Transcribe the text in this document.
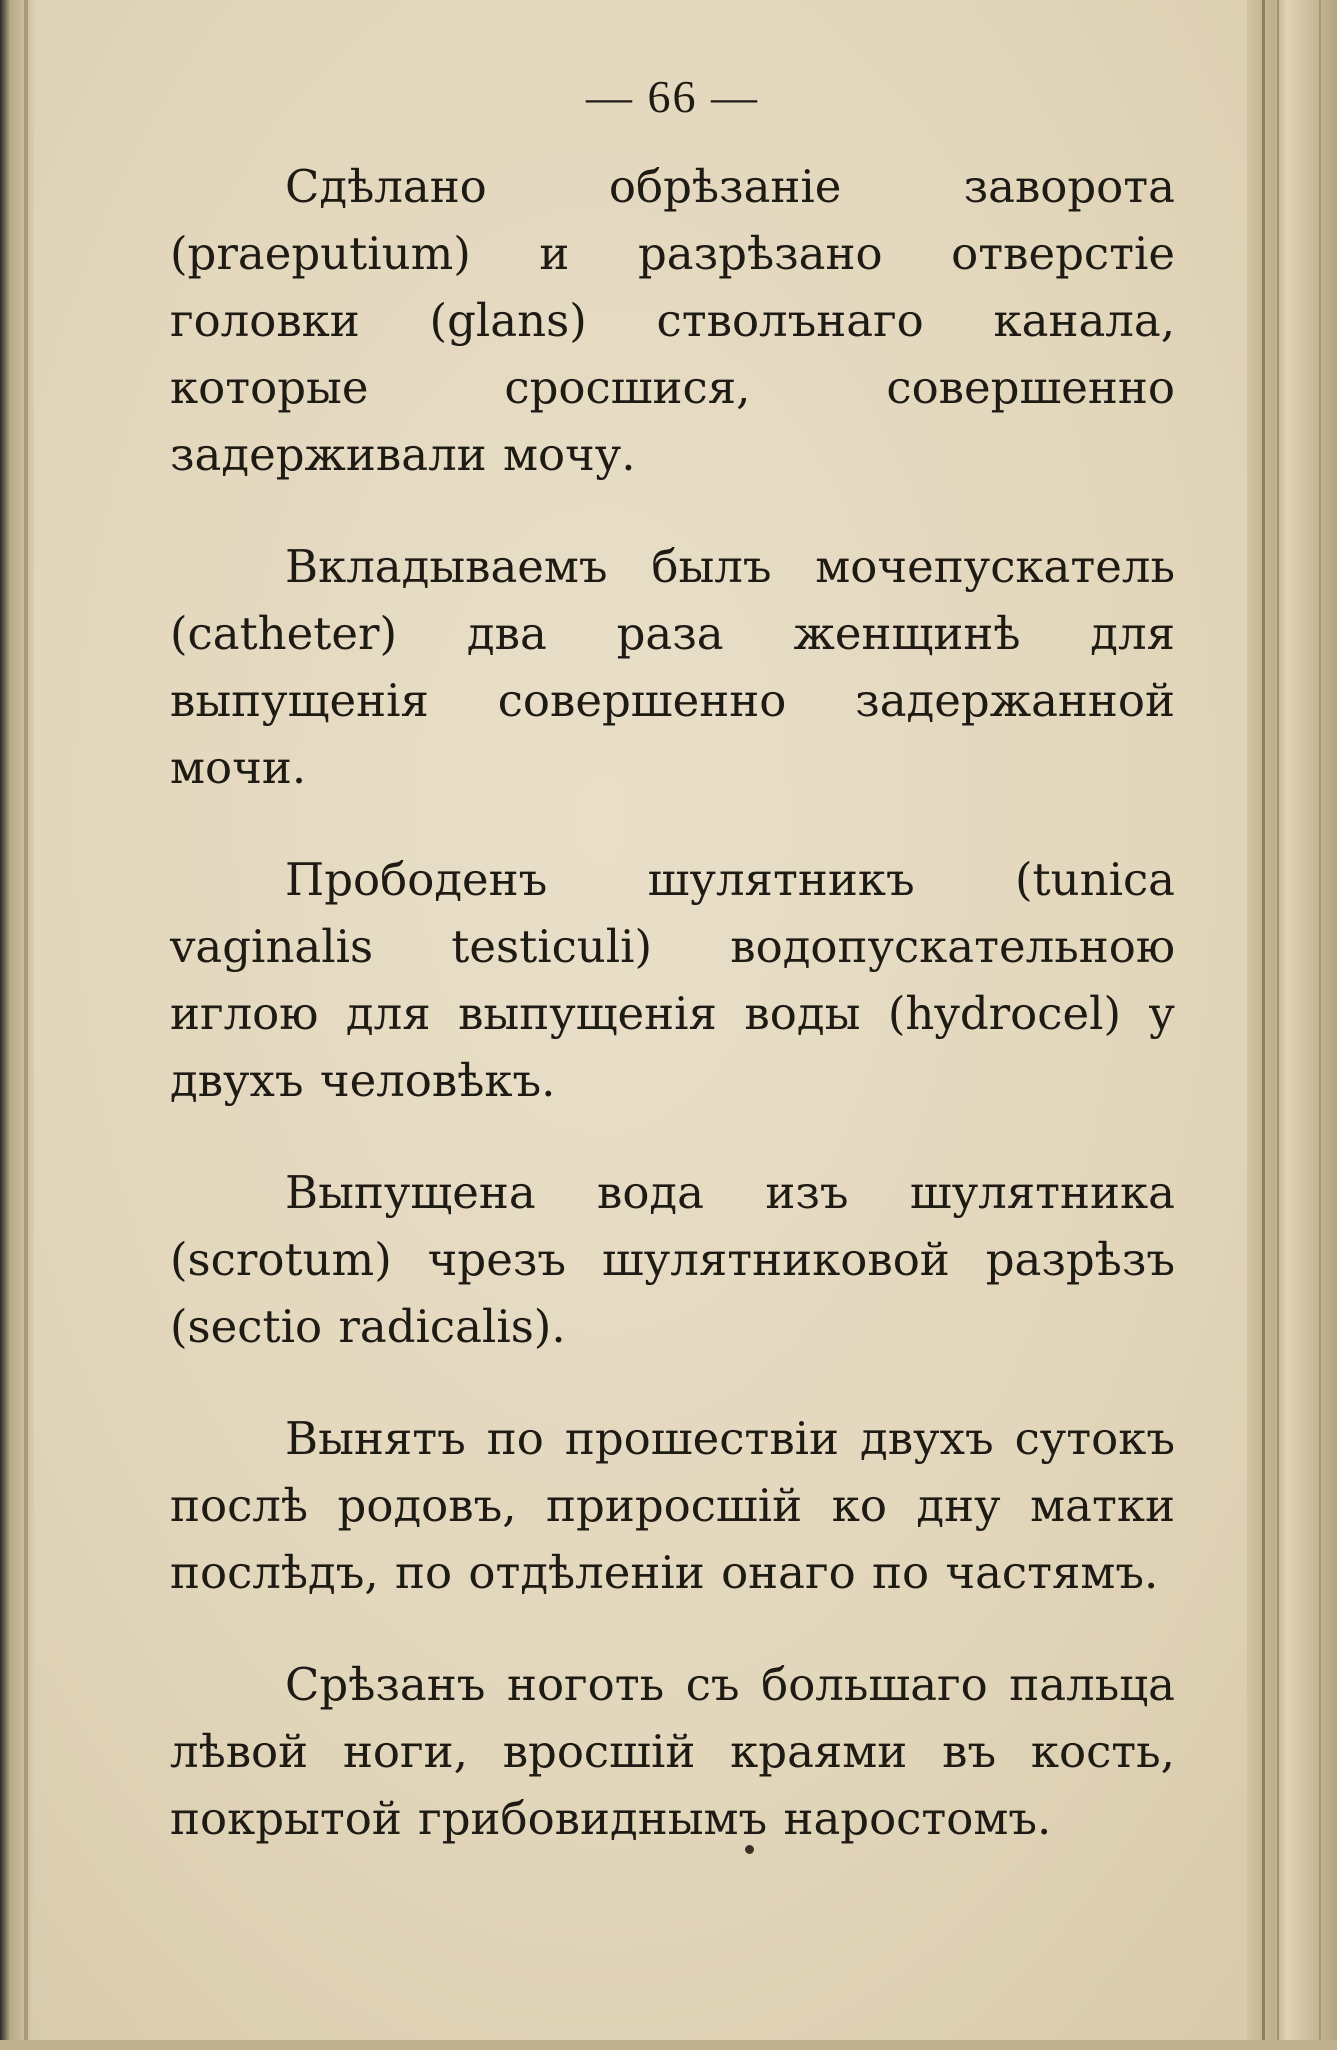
— 66 —

Сдѣлано обрѣзаніе заворота (praeputium) и разрѣзано отверстіе головки (glans) стволънаго канала, которые сросшися, совершенно задерживали мочу.

Вкладываемъ былъ мочепускатель (catheter) два раза женщинѣ для выпущенія совершенно задержанной мочи.

Прободенъ шулятникъ (tunica vaginalis testiculi) водопускательною иглою для выпущенія воды (hydrocel) у двухъ человѣкъ.

Выпущена вода изъ шулятника (scrotum) чрезъ шулятниковой разрѣзъ (sectio radicalis).

Вынятъ по прошествіи двухъ сутокъ послѣ родовъ, приросшій ко дну матки послѣдъ, по отдѣленіи онаго по частямъ.

Срѣзанъ ноготь съ большаго пальца лѣвой ноги, вросшій краями въ кость, покрытой грибовиднымъ наростомъ.
